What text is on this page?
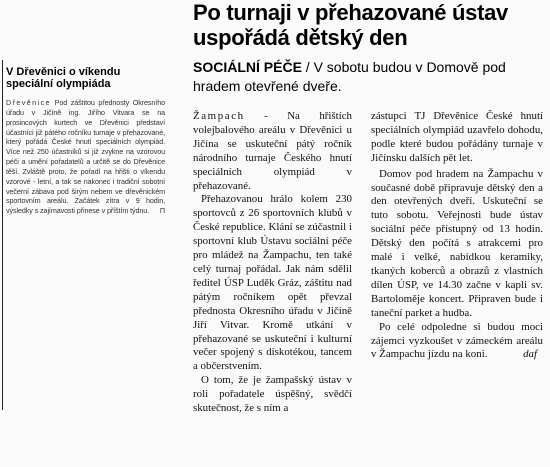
V Dřevěnici o víkendu speciální olympiáda
Dřevěnice Pod záštitou přednosty Okresního úřadu v Jičíně ing. Jiřího Vitvara se na prosincových kurtech ve Dřevěnici představí účastníci již pátého ročníku turnaje v přehazované, který pořádá České hnutí speciálních olympiád. Více než 250 účastníků si již zvykne na vzorovou péči a umění pořadatelů a určitě se do Dřevěnice těší. Zvláště proto, že pořadí na hřišti o víkendu vzorové - letní, a tak se nakonec i tradiční sobotní večerní zábava pod širým nebem ve dřevěnickém sportovním areálu. Začátek zítra v 9 hodin, výsledky s zajímavosti přinese v příštím týdnu. Π
Po turnaji v přehazované ústav uspořádá dětský den
SOCIÁLNÍ PÉČE / V sobotu budou v Domově pod hradem otevřené dveře.

Žampach - Na hřištích volejbalového areálu v Dřevěnici u Jičína se uskuteční pátý ročník národního turnaje Českého hnutí speciálních olympiád v přehazované.

Přehazovanou hrálo kolem 230 sportovců z 26 sportovních klubů v České republice. Klání se zúčastnil i sportovní klub Ústavu sociální péče pro mládež na Žampachu, ten také celý turnaj pořádal. Jak nám sdělil ředitel ÚSP Luděk Gráz, záštitu nad pátým ročníkem opět převzal přednosta Okresního úřadu v Jičíně Jiří Vitvar. Kromě utkání v přehazované se uskuteční i kulturní večer spojený s diskotékou, tancem a občerstvením.

O tom, že je žampašský ústav v roli pořadatele úspěšný, svědčí skutečnost, že s ním a

zástupci TJ Dřevěnice České hnutí speciálních olympiád uzavřelo dohodu, podle které budou pořádány turnaje v Jičínsku dalších pět let.

Domov pod hradem na Žampachu v současné době připravuje dětský den a den otevřených dveří. Uskuteční se tuto sobotu. Veřejnosti bude ústav sociální péče přístupný od 13 hodin. Dětský den počítá s atrakcemi pro malé i velké, nabídkou keramiky, tkaných koberců a obrazů z vlastních dílen ÚSP, ve 14.30 začne v kapli sv. Bartoloměje koncert. Připraven bude i taneční parket a hudba.

Po celé odpoledne si budou moci zájemci vyzkoušet v zámeckém areálu v Žampachu jízdu na koni.	daf
